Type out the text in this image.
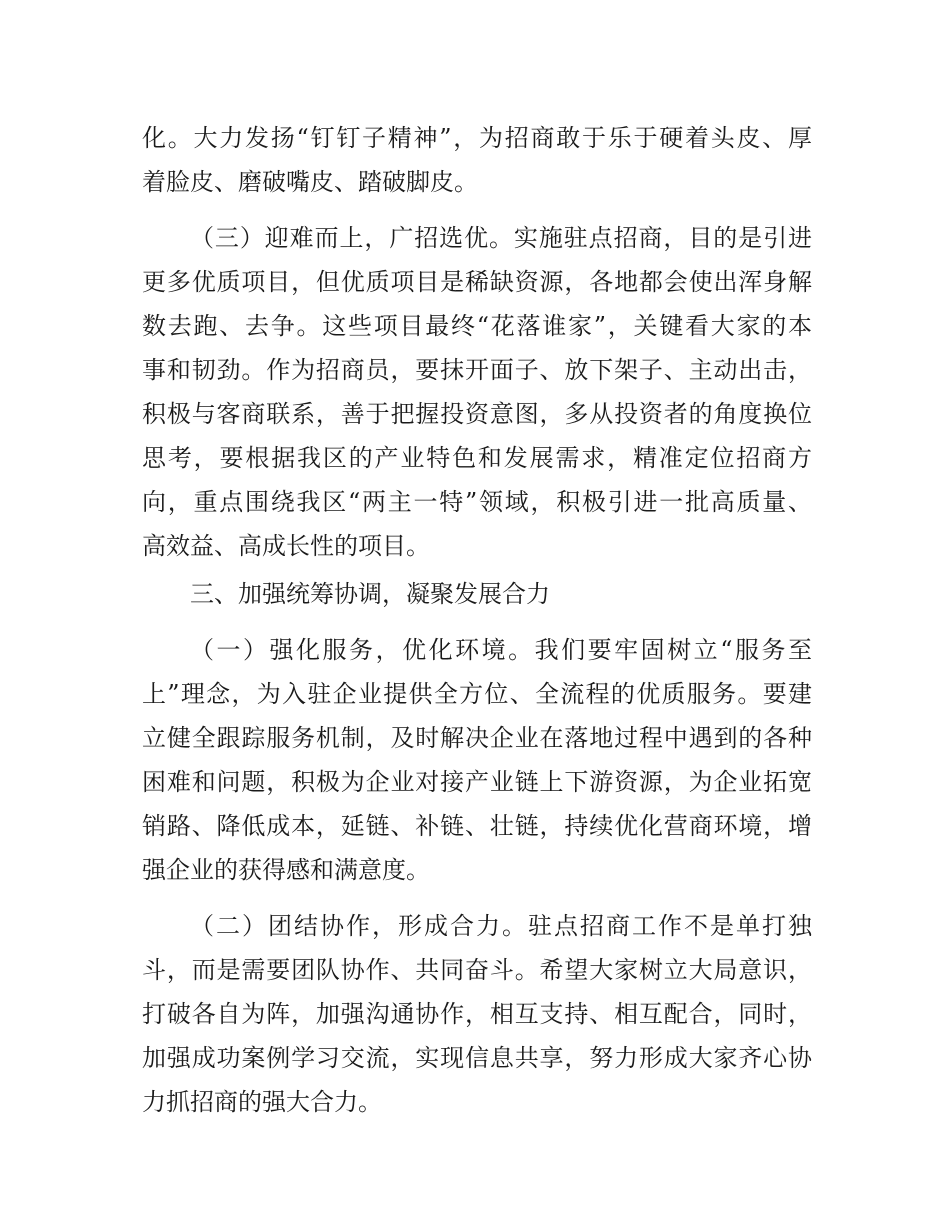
化。大力发扬“钉钉子精神”，为招商敢于乐于硬着头皮、厚
着脸皮、磨破嘴皮、踏破脚皮。
（三）迎难而上，广招选优。实施驻点招商，目的是引进
更多优质项目，但优质项目是稀缺资源，各地都会使出浑身解
数去跑、去争。这些项目最终“花落谁家”，关键看大家的本
事和韧劲。作为招商员，要抹开面子、放下架子、主动出击，
积极与客商联系，善于把握投资意图，多从投资者的角度换位
思考，要根据我区的产业特色和发展需求，精准定位招商方
向，重点围绕我区“两主一特”领域，积极引进一批高质量、
高效益、高成长性的项目。
三、加强统筹协调，凝聚发展合力
（一）强化服务，优化环境。我们要牢固树立“服务至
上”理念，为入驻企业提供全方位、全流程的优质服务。要建
立健全跟踪服务机制，及时解决企业在落地过程中遇到的各种
困难和问题，积极为企业对接产业链上下游资源，为企业拓宽
销路、降低成本，延链、补链、壮链，持续优化营商环境，增
强企业的获得感和满意度。
（二）团结协作，形成合力。驻点招商工作不是单打独
斗，而是需要团队协作、共同奋斗。希望大家树立大局意识，
打破各自为阵，加强沟通协作，相互支持、相互配合，同时，
加强成功案例学习交流，实现信息共享，努力形成大家齐心协
力抓招商的强大合力。
